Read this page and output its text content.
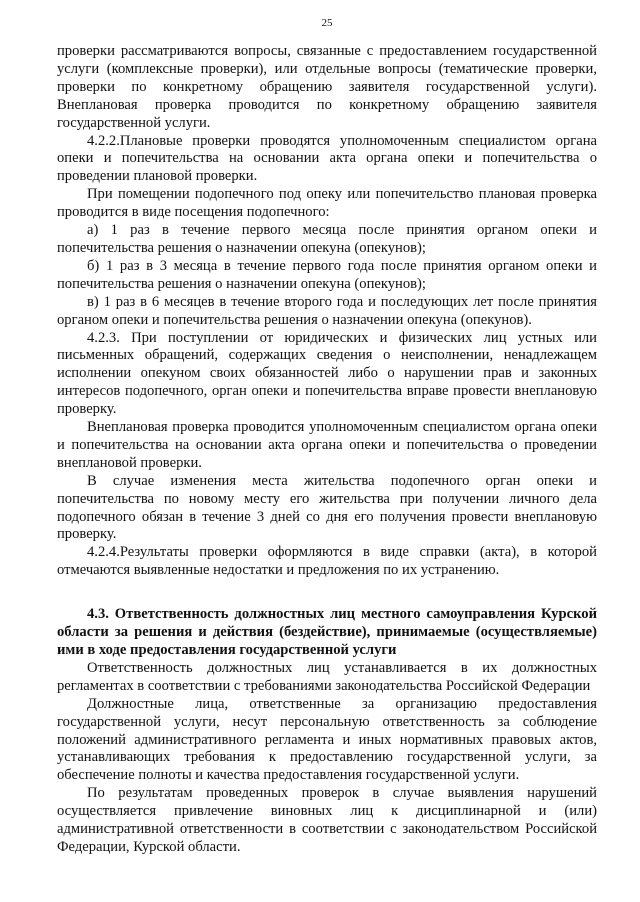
25

проверки рассматриваются вопросы, связанные с предоставлением государственной услуги (комплексные проверки), или отдельные вопросы (тематические проверки, проверки по конкретному обращению заявителя государственной услуги). Внеплановая проверка проводится по конкретному обращению заявителя государственной услуги.

4.2.2.Плановые проверки проводятся уполномоченным специалистом органа опеки и попечительства на основании акта органа опеки и попечительства о проведении плановой проверки.

При помещении подопечного под опеку или попечительство плановая проверка проводится в виде посещения подопечного:

а) 1 раз в течение первого месяца после принятия органом опеки и попечительства решения о назначении опекуна (опекунов);

б) 1 раз в 3 месяца в течение первого года после принятия органом опеки и попечительства решения о назначении опекуна (опекунов);

в) 1 раз в 6 месяцев в течение второго года и последующих лет после принятия органом опеки и попечительства решения о назначении опекуна (опекунов).

4.2.3. При поступлении от юридических и физических лиц устных или письменных обращений, содержащих сведения о неисполнении, ненадлежащем исполнении опекуном своих обязанностей либо о нарушении прав и законных интересов подопечного, орган опеки и попечительства вправе провести внеплановую проверку.

Внеплановая проверка проводится уполномоченным специалистом органа опеки и попечительства на основании акта органа опеки и попечительства о проведении внеплановой проверки.

В случае изменения места жительства подопечного орган опеки и попечительства по новому месту его жительства при получении личного дела подопечного обязан в течение 3 дней со дня его получения провести внеплановую проверку.

4.2.4.Результаты проверки оформляются в виде справки (акта), в которой отмечаются выявленные недостатки и предложения по их устранению.

4.3. Ответственность должностных лиц местного самоуправления Курской области за решения и действия (бездействие), принимаемые (осуществляемые) ими в ходе предоставления государственной услуги

Ответственность должностных лиц устанавливается в их должностных регламентах в соответствии с требованиями законодательства Российской Федерации

Должностные лица, ответственные за организацию предоставления государственной услуги, несут персональную ответственность за соблюдение положений административного регламента и иных нормативных правовых актов, устанавливающих требования к предоставлению государственной услуги, за обеспечение полноты и качества предоставления государственной услуги.

По результатам проведенных проверок в случае выявления нарушений осуществляется привлечение виновных лиц к дисциплинарной и (или) административной ответственности в соответствии с законодательством Российской Федерации, Курской области.
